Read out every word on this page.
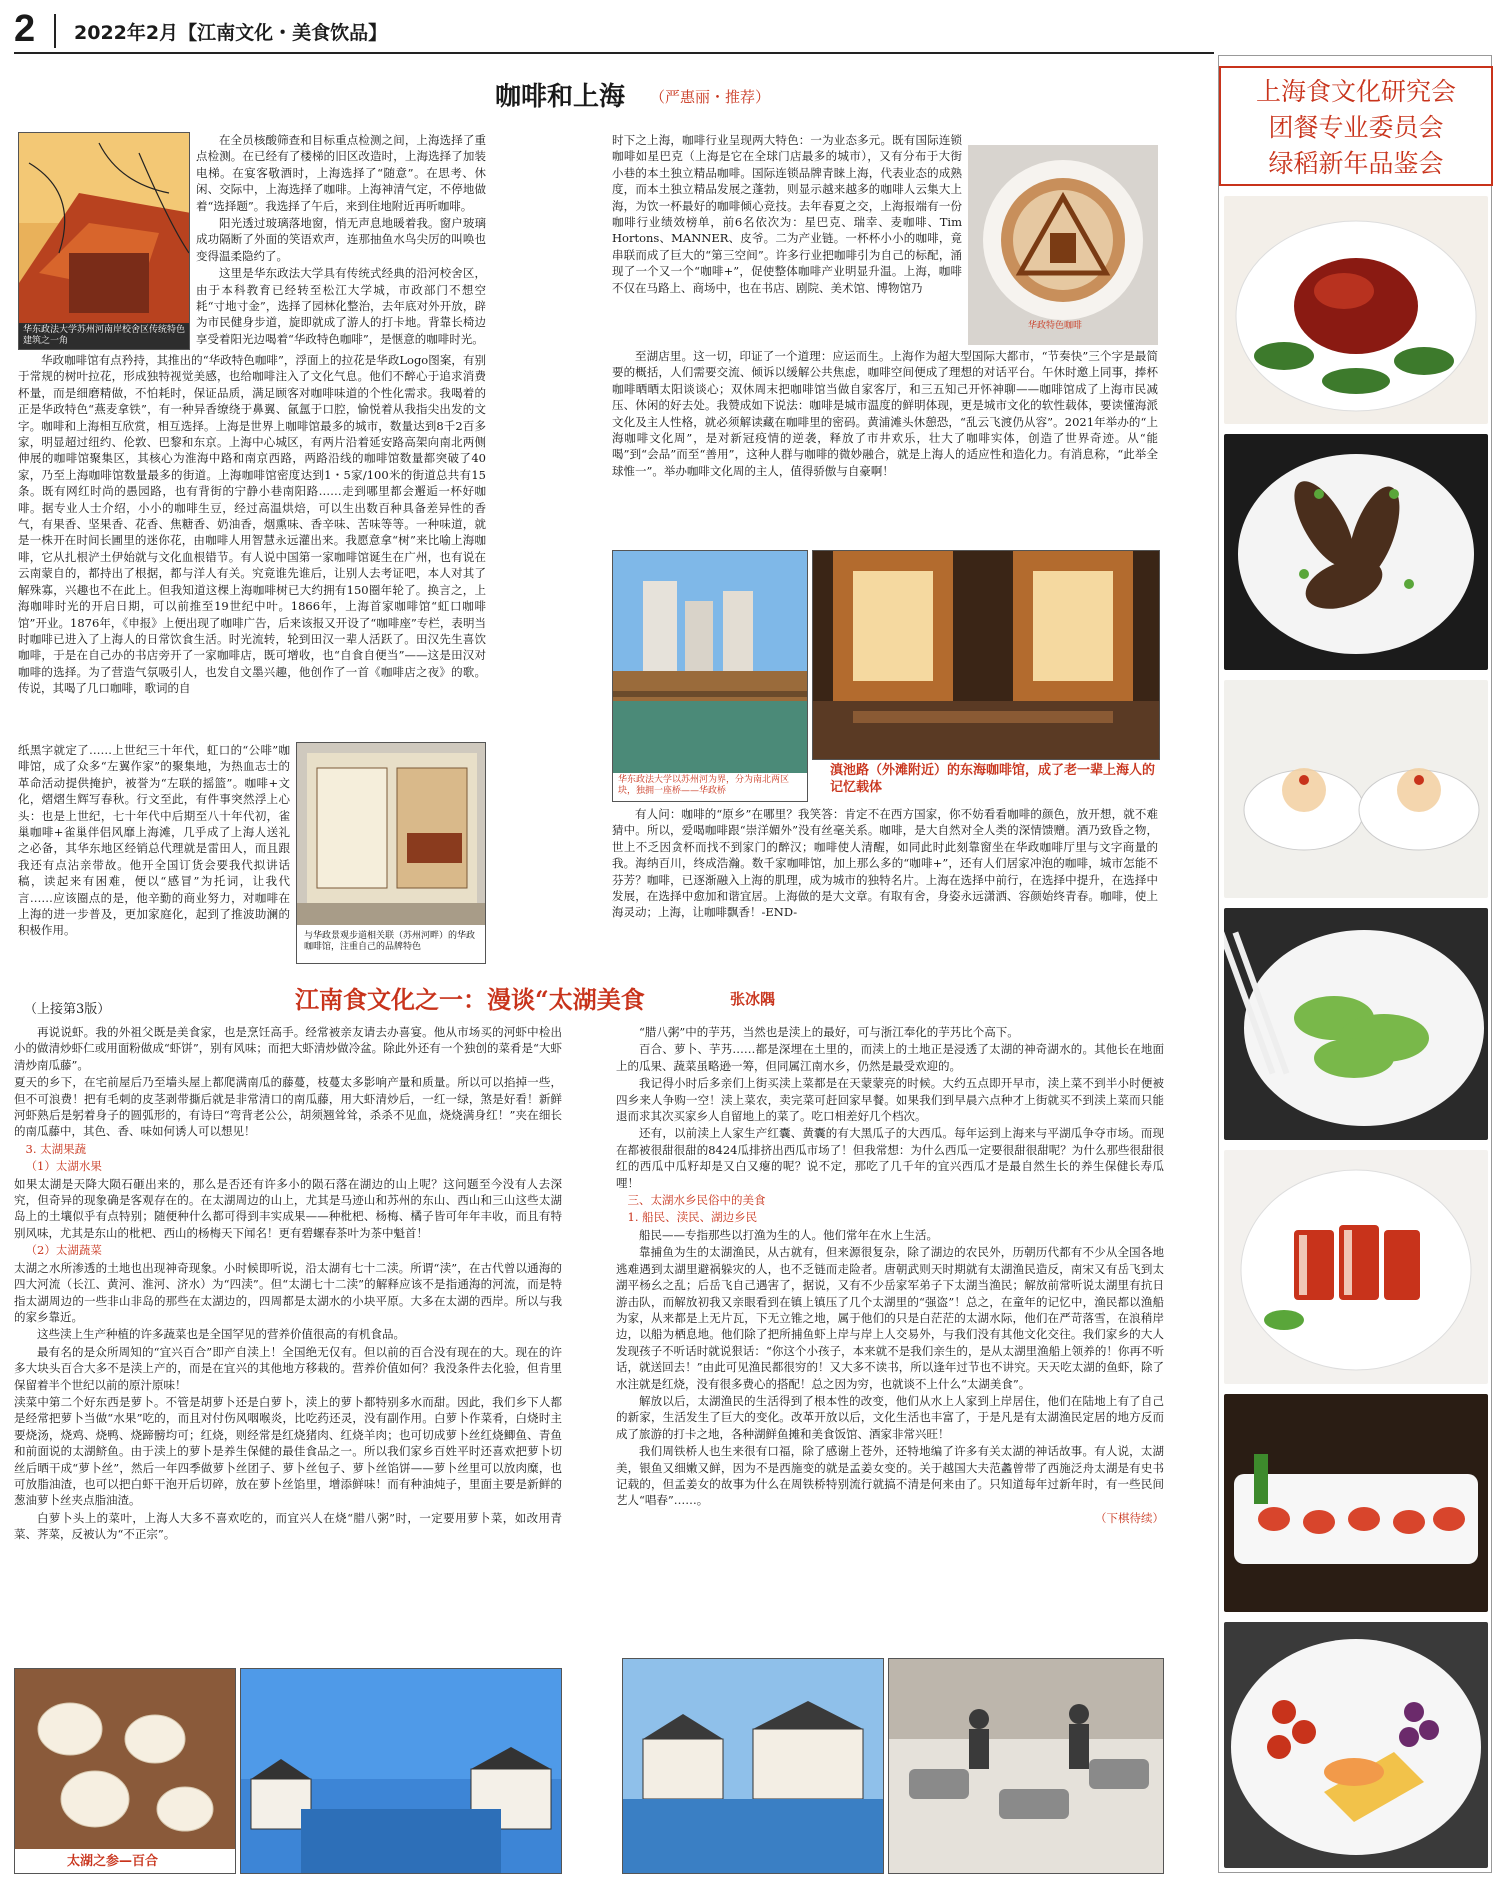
2 2022年2月【江南文化・美食饮品】
咖啡和上海 （严惠丽・推荐）
华东政法大学苏州河南岸校舍区传统特色建筑之一角

在全员核酸筛查和目标重点检测之间，上海选择了重点检测。在已经有了楼梯的旧区改造时，上海选择了加装电梯。在宴客敬酒时，上海选择了“随意”。在思考、休闲、交际中，上海选择了咖啡。上海神清气定，不停地做着“选择题”。我选择了午后，来到住地附近再听咖啡。

阳光透过玻璃落地窗，悄无声息地暖着我。窗户玻璃成功隔断了外面的笑语欢声，连那抽鱼水鸟尖厉的叫唤也变得温柔隐约了。

这里是华东政法大学具有传统式经典的沿河校舍区，由于本科教育已经转至松江大学城，市政部门不想空耗“寸地寸金”，选择了园林化整治，去年底对外开放，辟为市民健身步道，旋即就成了游人的打卡地。背靠长椅边享受着阳光边喝着“华政特色咖啡”，是惬意的咖啡时光。

华政咖啡馆有点矜持，其推出的“华政特色咖啡”，浮面上的拉花是华政Logo图案，有别于常规的树叶拉花，形成独特视觉美感，也给咖啡注入了文化气息。他们不醉心于追求消费杯量，而是细磨精做，不怕耗时，保证品质，满足顾客对咖啡味道的个性化需求。我喝着的正是华政特色“燕麦拿铁”，有一种异香缭绕于鼻翼、氤氲于口腔，愉悦着从我指尖出发的文字。咖啡和上海相互欣赏，相互选择。上海是世界上咖啡馆最多的城市，数量达到8千2百多家，明显超过纽约、伦敦、巴黎和东京。上海中心城区，有两片沿着延安路高架向南北两侧伸展的咖啡馆聚集区，其核心为淮海中路和南京西路，两路沿线的咖啡馆数量都突破了40家，乃至上海咖啡馆数量最多的街道。上海咖啡馆密度达到1・5家/100米的街道总共有15条。既有网红时尚的愚园路，也有背街的宁静小巷南阳路……走到哪里都会邂逅一杯好咖啡。据专业人士介绍，小小的咖啡生豆，经过高温烘焙，可以生出数百种具备差异性的香气，有果香、坚果香、花香、焦糖香、奶油香，烟熏味、香辛味、苦味等等。一种味道，就是一株开在时间长圃里的迷你花，由咖啡人用智慧永远灌出来。我愿意拿“树”来比喻上海咖啡，它从扎根浐土伊始就与文化血根错节。有人说中国第一家咖啡馆诞生在广州，也有说在云南蒙自的，都持出了根据，都与洋人有关。究竟谁先谁后，让别人去考证吧，本人对其了解殊寡，兴趣也不在此上。但我知道这棵上海咖啡树已大约拥有150圈年轮了。换言之，上海咖啡时光的开启日期，可以前推至19世纪中叶。1866年，上海首家咖啡馆“虹口咖啡馆”开业。1876年，《申报》上便出现了咖啡广告，后来该报又开设了“咖啡座”专栏，表明当时咖啡已进入了上海人的日常饮食生活。时光流转，轮到田汉一辈人活跃了。田汉先生喜饮咖啡，于是在自己办的书店旁开了一家咖啡店，既可增收，也“自食自便当”——这是田汉对咖啡的选择。为了营造气氛吸引人，也发自文墨兴趣，他创作了一首《咖啡店之夜》的歌。传说，其喝了几口咖啡，歌词的自

与华政景观步道相关联（苏州河畔）的华政咖啡馆，注重自己的品牌特色

纸黑字就定了……上世纪三十年代，虹口的“公啡”咖啡馆，成了众多“左翼作家”的聚集地，为热血志士的革命活动提供掩护，被誉为“左联的摇篮”。咖啡+文化，熠熠生辉写春秋。行文至此，有件事突然浮上心头：也是上世纪，七十年代中后期至八十年代初，雀巢咖啡+雀巢伴侣风靡上海滩，几乎成了上海人送礼之必备，其华东地区经销总代理就是雷田人，而且跟我还有点沾亲带故。他开全国订货会要我代拟讲话稿，读起来有困难，便以“感冒”为托词，让我代言……应该圈点的是，他辛勤的商业努力，对咖啡在上海的进一步普及，更加家庭化，起到了推波助澜的积极作用。

时下之上海，咖啡行业呈现两大特色：一为业态多元。既有国际连锁咖啡如星巴克（上海是它在全球门店最多的城市），又有分布于大街小巷的本土独立精品咖啡。国际连锁品牌青睐上海，代表业态的成熟度，而本土独立精品发展之蓬勃，则显示越来越多的咖啡人云集大上海，为饮一杯最好的咖啡倾心竞技。去年春夏之交，上海报端有一份咖啡行业绩效榜单，前6名依次为：星巴克、瑞幸、麦咖啡、Tim Hortons、MANNER、皮爷。二为产业链。一杯杯小小的咖啡，竟串联而成了巨大的“第三空间”。许多行业把咖啡引为自己的标配，涌现了一个又一个“咖啡+”，促使整体咖啡产业明显升温。上海，咖啡不仅在马路上、商场中，也在书店、剧院、美术馆、博物馆乃

华政特色咖啡

至湖店里。这一切，印证了一个道理：应运而生。上海作为超大型国际大都市，“节奏快”三个字是最简要的概括，人们需要交流、倾诉以缓解公共焦虑，咖啡空间便成了理想的对话平台。午休时邀上同事，捧杯咖啡晒晒太阳谈谈心；双休周末把咖啡馆当做自家客厅，和三五知己开怀神聊——咖啡馆成了上海市民减压、休闲的好去处。我赞成如下说法：咖啡是城市温度的鲜明体现，更是城市文化的软性载体，要读懂海派文化及主人性格，就必须解读藏在咖啡里的密码。黄浦滩头休憩恐，“乱云飞渡仍从容”。2021年举办的“上海咖啡文化周”，是对新冠疫情的逆袭，释放了市井欢乐，壮大了咖啡实体，创造了世界奇迹。从“能喝”到“会品”而至“善用”，这种人群与咖啡的微妙融合，就是上海人的适应性和造化力。有消息称，“此举全球惟一”。举办咖啡文化周的主人，值得骄傲与自豪啊！

华东政法大学以苏州河为界，分为南北两区块，独拥一座桥——华政桥
滇池路（外滩附近）的东海咖啡馆，成了老一辈上海人的记忆载体

有人问：咖啡的“原乡”在哪里？我笑答：肯定不在西方国家，你不妨看看咖啡的颜色，放开想，就不难猜中。所以，爱喝咖啡跟“崇洋媚外”没有丝毫关系。咖啡，是大自然对全人类的深情馈赠。酒乃致昏之物，世上不乏因贪杯而找不到家门的醉汉；咖啡使人清醒，如同此时此刻靠窗坐在华政咖啡厅里与文字商量的我。海纳百川，终成浩瀚。数千家咖啡馆，加上那么多的“咖啡+”，还有人们居家冲泡的咖啡，城市怎能不芬芳？咖啡，已逐渐融入上海的肌理，成为城市的独特名片。上海在选择中前行，在选择中提升，在选择中发展，在选择中愈加和谐宜居。上海做的是大文章。有取有舍，身姿永远潇洒、容颜始终青春。咖啡，使上海灵动；上海，让咖啡飘香！-END-

（上接第3版）	江南食文化之一：漫谈“太湖美食	张冰隅

再说说虾。我的外祖父既是美食家，也是烹饪高手。经常被亲友请去办喜宴。他从市场买的河虾中检出小的做清炒虾仁或用面粉做成“虾饼”，别有风味；而把大虾清炒做冷盆。除此外还有一个独创的菜肴是“大虾清炒南瓜藤”。

夏天的乡下，在宅前屋后乃至墙头屋上都爬满南瓜的藤蔓，枝蔓太多影响产量和质量。所以可以掐掉一些，但不可浪费！把有毛刺的皮茎剥带撕后就是非常清口的南瓜藤，用大虾清炒后，一红一绿，煞是好看！新鲜河虾熟后是躬着身子的圆弧形的，有诗曰“弯背老公公，胡须翘耸耸，杀杀不见血，烧烧满身红！”夹在细长的南瓜藤中，其色、香、味如何诱人可以想见！

3. 太湖果蔬

（1）太湖水果

如果太湖是天降大陨石砸出来的，那么是否还有许多小的陨石落在湖边的山上呢？这问题至今没有人去深究，但奇异的现象确是客观存在的。在太湖周边的山上，尤其是马迹山和苏州的东山、西山和三山这些太湖岛上的土壤似乎有点特别；随便种什么都可得到丰实成果——种枇杷、杨梅、橘子皆可年年丰收，而且有特别风味，尤其是东山的枇杷、西山的杨梅天下闻名！更有碧螺春茶叶为茶中魁首！

（2）太湖蔬菜

太湖之水所渗透的土地也出现神奇现象。小时候即听说，沿太湖有七十二渎。所谓“渎”，在古代曾以通海的四大河流（长江、黄河、淮河、济水）为“四渎”。但“太湖七十二渎”的解释应该不是指通海的河流，而是特指太湖周边的一些非山非岛的那些在太湖边的，四周都是太湖水的小块平原。大多在太湖的西岸。所以与我的家乡靠近。

这些渎上生产种植的许多蔬菜也是全国罕见的营养价值很高的有机食品。

最有名的是众所周知的“宜兴百合”即产自渎上！全国绝无仅有。但以前的百合没有现在的大。现在的许多大块头百合大多不是渎上产的，而是在宜兴的其他地方移栽的。营养价值如何？我没条件去化验，但肯里保留着半个世纪以前的原汁原味！

渎菜中第二个好东西是萝卜。不管是胡萝卜还是白萝卜，渎上的萝卜都特别多水而甜。因此，我们乡下人都是经常把萝卜当做“水果”吃的，而且对付伤风咽喉炎，比吃药还灵，没有副作用。白萝卜作菜肴，白烧时主要烧汤，烧鸡、烧鸭、烧蹄髈均可；红烧，则经常是红烧猪肉、红烧羊肉；也可切成萝卜丝红烧鲫鱼、青鱼和前面说的太湖鲚鱼。由于渎上的萝卜是养生保健的最佳食品之一。所以我们家乡百姓平时还喜欢把萝卜切丝后晒干成“萝卜丝”，然后一年四季做萝卜丝团子、萝卜丝包子、萝卜丝馅饼——萝卜丝里可以放肉糜，也可放脂油渣，也可以把白虾干泡开后切碎，放在萝卜丝馅里，增添鲜味！而有种油炖子，里面主要是新鲜的葱油萝卜丝夹点脂油渣。

白萝卜头上的菜叶，上海人大多不喜欢吃的，而宜兴人在烧“腊八粥”时，一定要用萝卜菜，如改用青菜、荠菜，反被认为“不正宗”。

“腊八粥”中的芋艿，当然也是渎上的最好，可与浙江奉化的芋艿比个高下。

百合、萝卜、芋艿……都是深埋在土里的，而渎上的土地正是浸透了太湖的神奇湖水的。其他长在地面上的瓜果、蔬菜虽略逊一筹，但同属江南水乡，仍然是最受欢迎的。

我记得小时后多亲们上街买渎上菜都是在天蒙蒙亮的时候。大约五点即开早市，渎上菜不到半小时便被四乡来人争购一空！渎上菜农，卖完菜可赶回家早餐。如果我们到早晨六点种才上街就买不到渎上菜而只能退而求其次买家乡人自留地上的菜了。吃口相差好几个档次。

还有，以前渎上人家生产红囊、黄囊的有大黑瓜子的大西瓜。每年运到上海来与平湖瓜争夺市场。而现在都被很甜很甜的8424瓜排挤出西瓜市场了！但我常想：为什么西瓜一定要很甜很甜呢？为什么那些很甜很红的西瓜中瓜籽却是又白又瘪的呢？说不定，那吃了几千年的宜兴西瓜才是最自然生长的养生保健长寿瓜哩！

三、太湖水乡民俗中的美食

1. 船民、渎民、湖边乡民

船民——专指那些以打渔为生的人。他们常年在水上生活。

靠捕鱼为生的太湖渔民，从古就有，但来源很复杂，除了湖边的农民外，历朝历代都有不少从全国各地逃难遇到太湖里避祸躲灾的人，也不乏链而走险者。唐朝武则天时期就有太湖渔民造反，南宋又有岳飞到太湖平杨幺之乱；后岳飞自己遇害了，据说，又有不少岳家军弟子下太湖当渔民；解放前常听说太湖里有抗日游击队，而解放初我又亲眼看到在镇上镇压了几个太湖里的“强盗”！总之，在童年的记忆中，渔民都以渔船为家，从来都是上无片瓦，下无立锥之地，属于他们的只是白茫茫的太湖水际，他们在严苛落雪，在浪稍岸边，以船为栖息地。他们除了把所捕鱼虾上岸与岸上人交易外，与我们没有其他文化交往。我们家乡的大人发现孩子不听话时就说狠话：“你这个小孩子，本来就不是我们亲生的，是从太湖里渔船上领养的！你再不听话，就送回去！”由此可见渔民都很穷的！又大多不读书，所以逢年过节也不讲究。天天吃太湖的鱼虾，除了水注就是红烧，没有很多费心的搭配！总之因为穷，也就谈不上什么“太湖美食”。

解放以后，太湖渔民的生活得到了根本性的改变，他们从水上人家到上岸居住，他们在陆地上有了自己的新家，生活发生了巨大的变化。改革开放以后，文化生活也丰富了，于是凡是有太湖渔民定居的地方反而成了旅游的打卡之地，各种湖鲜鱼摊和美食饭馆、酒家非常兴旺！

我们周铁桥人也生来很有口福，除了感谢上苍外，还特地编了许多有关太湖的神话故事。有人说，太湖美，银鱼又细嫩又鲜，因为不是西施变的就是孟姜女变的。关于越国大夫范蠡曾带了西施泛舟太湖是有史书记载的，但孟姜女的故事为什么在周铁桥特别流行就搞不清是何来由了。只知道每年过新年时，有一些民间艺人“唱春”……。

（下棋待续）

太湖之参—百合
上海食文化研究会
团餐专业委员会
绿稻新年品鉴会
